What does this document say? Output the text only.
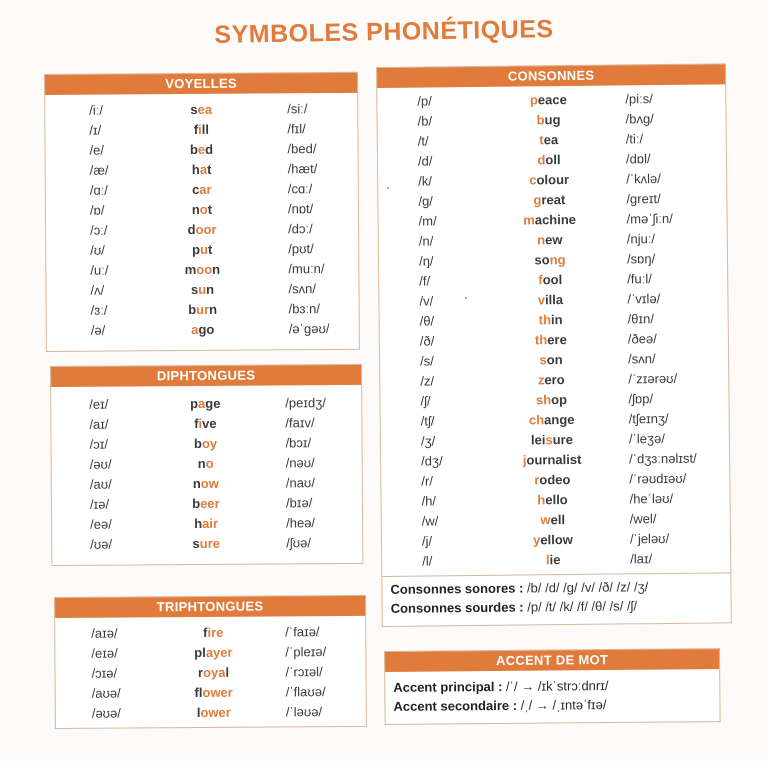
SYMBOLES PHONÉTIQUES
VOYELLES
/iː/	sea	/siː/
/ɪ/	fill	/fɪl/
/e/	bed	/bed/
/æ/	hat	/hæt/
/ɑː/	car	/cɑː/
/ɒ/	not	/nɒt/
/ɔː/	door	/dɔː/
/ʊ/	put	/pʊt/
/uː/	moon	/muːn/
/ʌ/	sun	/sʌn/
/ɜː/	burn	/bɜːn/
/ə/	ago	/əˈgəʊ/
DIPHTONGUES
/eɪ/	page	/peɪdʒ/
/aɪ/	five	/faɪv/
/ɔɪ/	boy	/bɔɪ/
/əʊ/	no	/nəʊ/
/aʊ/	now	/naʊ/
/ɪə/	beer	/bɪə/
/eə/	hair	/heə/
/ʊə/	sure	/ʃʊə/
TRIPHTONGUES
/aɪə/	fire	/ˈfaɪə/
/eɪə/	player	/ˈpleɪə/
/ɔɪə/	royal	/ˈrɔɪəl/
/aʊə/	flower	/ˈflaʊə/
/əʊə/	lower	/ˈləʊə/
CONSONNES
/p/	peace	/piːs/
/b/	bug	/bʌg/
/t/	tea	/tiː/
/d/	doll	/dɒl/
/k/	colour	/ˈkʌlə/
/g/	great	/greɪt/
/m/	machine	/məˈʃiːn/
/n/	new	/njuː/
/ŋ/	song	/sɒŋ/
/f/	fool	/fuːl/
/v/	villa	/ˈvɪlə/
/θ/	thin	/θɪn/
/ð/	there	/ðeə/
/s/	son	/sʌn/
/z/	zero	/ˈzɪərəʊ/
/ʃ/	shop	/ʃɒp/
/tʃ/	change	/tʃeɪnʒ/
/ʒ/	leisure	/ˈleʒə/
/dʒ/	journalist	/ˈdʒɜːnəlɪst/
/r/	rodeo	/ˈrəʊdɪəʊ/
/h/	hello	/heˈləʊ/
/w/	well	/wel/
/j/	yellow	/ˈjeləʊ/
/l/	lie	/laɪ/
Consonnes sonores : /b/ /d/ /g/ /v/ /ð/ /z/ /ʒ/
Consonnes sourdes : /p/ /t/ /k/ /f/ /θ/ /s/ /ʃ/
ACCENT DE MOT
Accent principal : /ˈ/ → /ɪkˈstrɔːdnrɪ/
Accent secondaire : /ˌ/ → /ˌɪntəˈfɪə/
